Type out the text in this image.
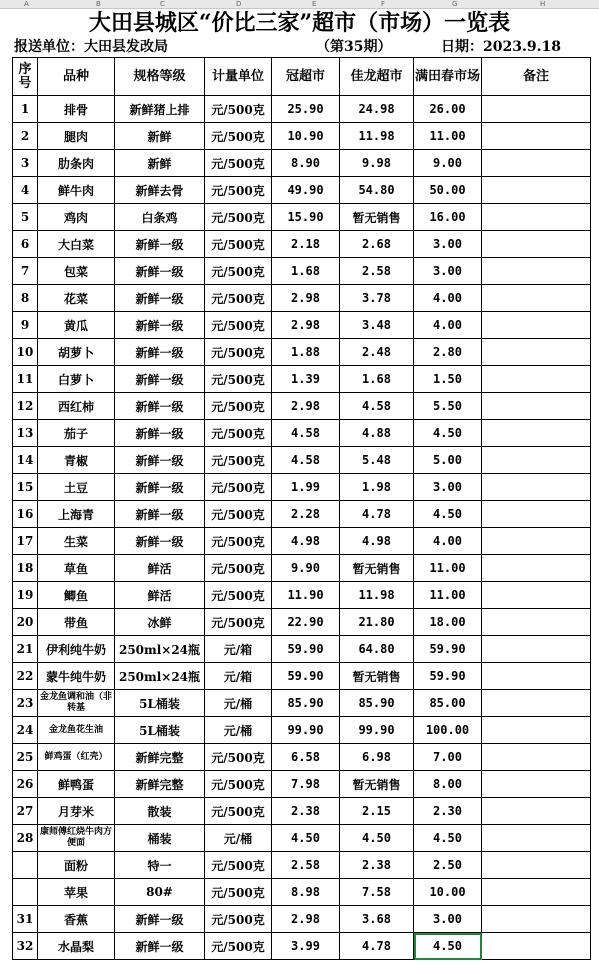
A	B	C	D	E	F	G	H
大田县城区“价比三家”超市（市场）一览表
报送单位：大田县发改局	（第35期）	日期：2023.9.18
序号	品种	规格等级	计量单位	冠超市	佳龙超市	满田春市场	备注
1	排骨	新鲜猪上排	元/500克	25.90	24.98	26.00	
2	腿肉	新鲜	元/500克	10.90	11.98	11.00	
3	肋条肉	新鲜	元/500克	8.90	9.98	9.00	
4	鲜牛肉	新鲜去骨	元/500克	49.90	54.80	50.00	
5	鸡肉	白条鸡	元/500克	15.90	暂无销售	16.00	
6	大白菜	新鲜一级	元/500克	2.18	2.68	3.00	
7	包菜	新鲜一级	元/500克	1.68	2.58	3.00	
8	花菜	新鲜一级	元/500克	2.98	3.78	4.00	
9	黄瓜	新鲜一级	元/500克	2.98	3.48	4.00	
10	胡萝卜	新鲜一级	元/500克	1.88	2.48	2.80	
11	白萝卜	新鲜一级	元/500克	1.39	1.68	1.50	
12	西红柿	新鲜一级	元/500克	2.98	4.58	5.50	
13	茄子	新鲜一级	元/500克	4.58	4.88	4.50	
14	青椒	新鲜一级	元/500克	4.58	5.48	5.00	
15	土豆	新鲜一级	元/500克	1.99	1.98	3.00	
16	上海青	新鲜一级	元/500克	2.28	4.78	4.50	
17	生菜	新鲜一级	元/500克	4.98	4.98	4.00	
18	草鱼	鲜活	元/500克	9.90	暂无销售	11.00	
19	鲫鱼	鲜活	元/500克	11.90	11.98	11.00	
20	带鱼	冰鲜	元/500克	22.90	21.80	18.00	
21	伊利纯牛奶	250ml×24瓶	元/箱	59.90	64.80	59.90	
22	蒙牛纯牛奶	250ml×24瓶	元/箱	59.90	暂无销售	59.90	
23	金龙鱼调和油（非转基	5L桶装	元/桶	85.90	85.90	85.00	
24	金龙鱼花生油	5L桶装	元/桶	99.90	99.90	100.00	
25	鲜鸡蛋（红壳）	新鲜完整	元/500克	6.58	6.98	7.00	
26	鲜鸭蛋	新鲜完整	元/500克	7.98	暂无销售	8.00	
27	月芽米	散装	元/500克	2.38	2.15	2.30	
28	康师傅红烧牛肉方便面	桶装	元/桶	4.50	4.50	4.50	
	面粉	特一	元/500克	2.58	2.38	2.50	
	苹果	80#	元/500克	8.98	7.58	10.00	
31	香蕉	新鲜一级	元/500克	2.98	3.68	3.00	
32	水晶梨	新鲜一级	元/500克	3.99	4.78	4.50	
